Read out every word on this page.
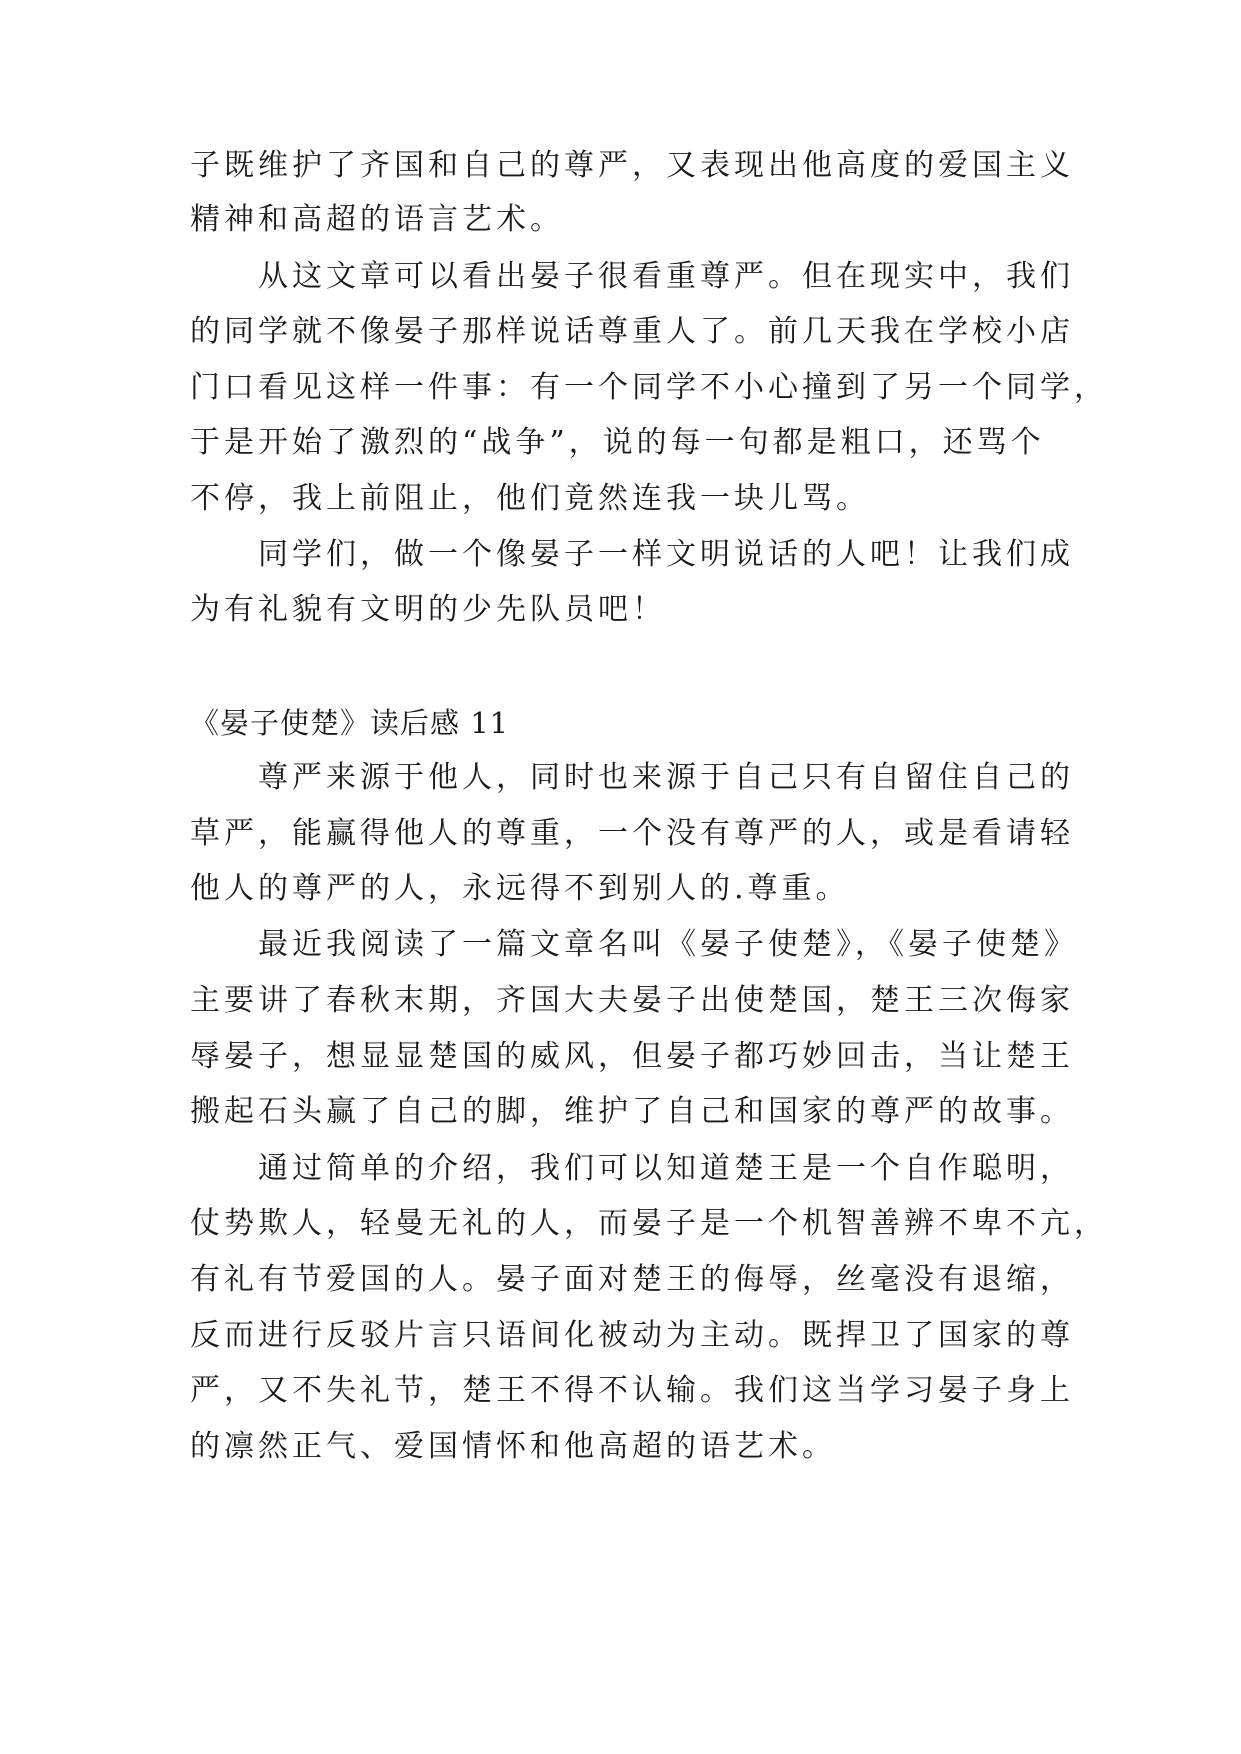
子既维护了齐国和自己的尊严，又表现出他高度的爱国主义
精神和高超的语言艺术。
从这文章可以看出晏子很看重尊严。但在现实中，我们
的同学就不像晏子那样说话尊重人了。前几天我在学校小店
门口看见这样一件事：有一个同学不小心撞到了另一个同学，
于是开始了激烈的“战争”，说的每一句都是粗口，还骂个
不停，我上前阻止，他们竟然连我一块儿骂。
同学们，做一个像晏子一样文明说话的人吧！让我们成
为有礼貌有文明的少先队员吧！
《晏子使楚》读后感 11
尊严来源于他人，同时也来源于自己只有自留住自己的
草严，能赢得他人的尊重，一个没有尊严的人，或是看请轻
他人的尊严的人，永远得不到别人的.尊重。
最近我阅读了一篇文章名叫《晏子使楚》，《晏子使楚》
主要讲了春秋末期，齐国大夫晏子出使楚国，楚王三次侮家
辱晏子，想显显楚国的威风，但晏子都巧妙回击，当让楚王
搬起石头赢了自己的脚，维护了自己和国家的尊严的故事。
通过简单的介绍，我们可以知道楚王是一个自作聪明，
仗势欺人，轻曼无礼的人，而晏子是一个机智善辨不卑不亢，
有礼有节爱国的人。晏子面对楚王的侮辱，丝毫没有退缩，
反而进行反驳片言只语间化被动为主动。既捍卫了国家的尊
严，又不失礼节，楚王不得不认输。我们这当学习晏子身上
的凛然正气、爱国情怀和他高超的语艺术。
